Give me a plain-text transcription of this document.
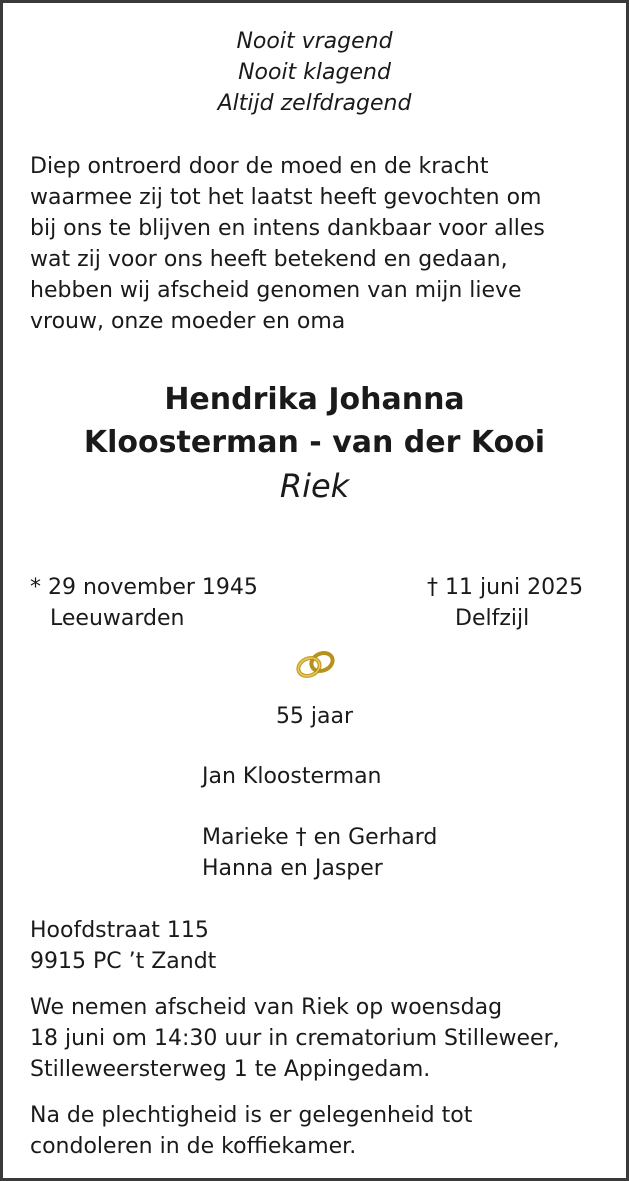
Nooit vragend
Nooit klagend
Altijd zelfdragend
Diep ontroerd door de moed en de kracht
waarmee zij tot het laatst heeft gevochten om
bij ons te blijven en intens dankbaar voor alles
wat zij voor ons heeft betekend en gedaan,
hebben wij afscheid genomen van mijn lieve
vrouw, onze moeder en oma
Hendrika Johanna
Kloosterman - van der Kooi
Riek
* 29 november 1945
Leeuwarden
† 11 juni 2025
Delfzijl
55 jaar
Jan Kloosterman
Marieke † en Gerhard
Hanna en Jasper
Hoofdstraat 115
9915 PC ’t Zandt
We nemen afscheid van Riek op woensdag
18 juni om 14:30 uur in crematorium Stilleweer,
Stilleweersterweg 1 te Appingedam.
Na de plechtigheid is er gelegenheid tot
condoleren in de koffiekamer.
